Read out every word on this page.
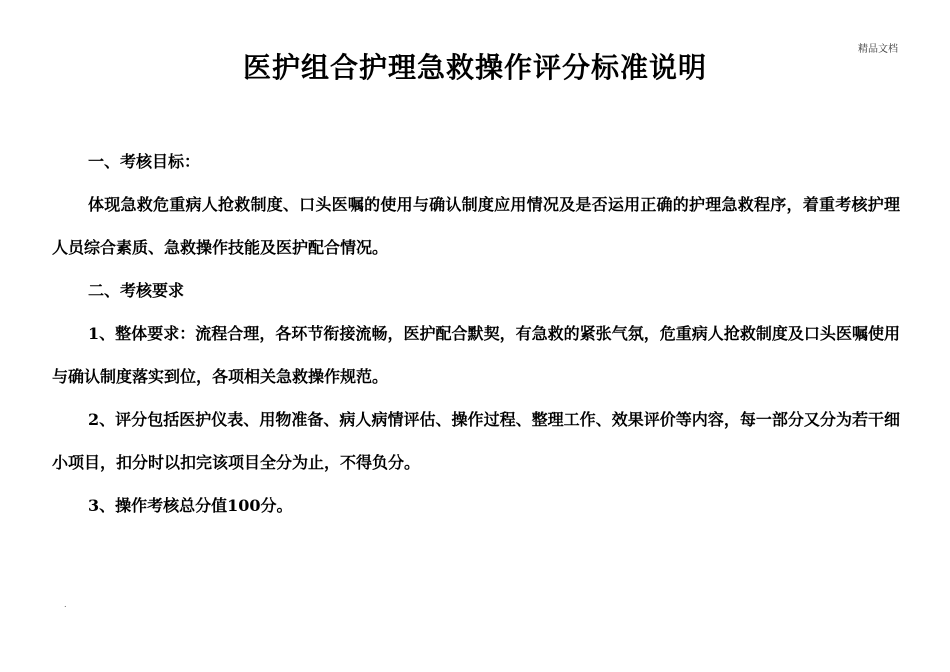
精品文档
医护组合护理急救操作评分标准说明

一、考核目标：

体现急救危重病人抢救制度、口头医嘱的使用与确认制度应用情况及是否运用正确的护理急救程序，着重考核护理人员综合素质、急救操作技能及医护配合情况。

二、考核要求

1、整体要求：流程合理，各环节衔接流畅，医护配合默契，有急救的紧张气氛，危重病人抢救制度及口头医嘱使用与确认制度落实到位，各项相关急救操作规范。

2、评分包括医护仪表、用物准备、病人病情评估、操作过程、整理工作、效果评价等内容，每一部分又分为若干细小项目，扣分时以扣完该项目全分为止，不得负分。

3、操作考核总分值100分。

.
